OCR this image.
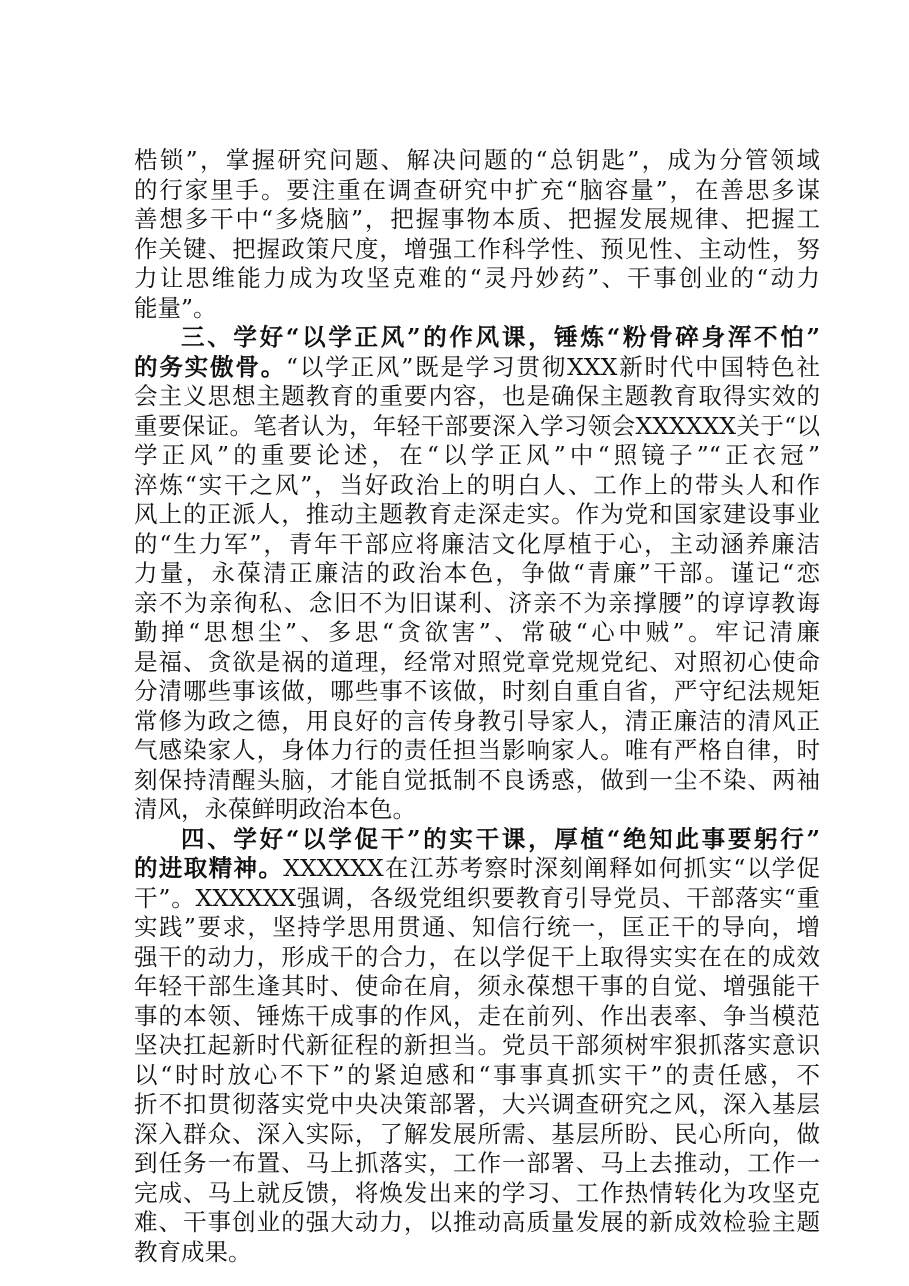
梏锁”，掌握研究问题、解决问题的“总钥匙”，成为分管领域
的行家里手。要注重在调查研究中扩充“脑容量”，在善思多谋
善想多干中“多烧脑”，把握事物本质、把握发展规律、把握工
作关键、把握政策尺度，增强工作科学性、预见性、主动性，努
力让思维能力成为攻坚克难的“灵丹妙药”、干事创业的“动力
能量”。
三、学好“以学正风”的作风课，锤炼“粉骨碎身浑不怕”
的务实傲骨。“以学正风”既是学习贯彻XXX新时代中国特色社
会主义思想主题教育的重要内容，也是确保主题教育取得实效的
重要保证。笔者认为，年轻干部要深入学习领会XXXXXX关于“以
学正风”的重要论述，在“以学正风”中“照镜子”“正衣冠”
淬炼“实干之风”，当好政治上的明白人、工作上的带头人和作
风上的正派人，推动主题教育走深走实。作为党和国家建设事业
的“生力军”，青年干部应将廉洁文化厚植于心，主动涵养廉洁
力量，永葆清正廉洁的政治本色，争做“青廉”干部。谨记“恋
亲不为亲徇私、念旧不为旧谋利、济亲不为亲撑腰”的谆谆教诲
勤掸“思想尘”、多思“贪欲害”、常破“心中贼”。牢记清廉
是福、贪欲是祸的道理，经常对照党章党规党纪、对照初心使命
分清哪些事该做，哪些事不该做，时刻自重自省，严守纪法规矩
常修为政之德，用良好的言传身教引导家人，清正廉洁的清风正
气感染家人，身体力行的责任担当影响家人。唯有严格自律，时
刻保持清醒头脑，才能自觉抵制不良诱惑，做到一尘不染、两袖
清风，永葆鲜明政治本色。
四、学好“以学促干”的实干课，厚植“绝知此事要躬行”
的进取精神。XXXXXX在江苏考察时深刻阐释如何抓实“以学促
干”。XXXXXX强调，各级党组织要教育引导党员、干部落实“重
实践”要求，坚持学思用贯通、知信行统一，匡正干的导向，增
强干的动力，形成干的合力，在以学促干上取得实实在在的成效
年轻干部生逢其时、使命在肩，须永葆想干事的自觉、增强能干
事的本领、锤炼干成事的作风，走在前列、作出表率、争当模范
坚决扛起新时代新征程的新担当。党员干部须树牢狠抓落实意识
以“时时放心不下”的紧迫感和“事事真抓实干”的责任感，不
折不扣贯彻落实党中央决策部署，大兴调查研究之风，深入基层
深入群众、深入实际，了解发展所需、基层所盼、民心所向，做
到任务一布置、马上抓落实，工作一部署、马上去推动，工作一
完成、马上就反馈，将焕发出来的学习、工作热情转化为攻坚克
难、干事创业的强大动力，以推动高质量发展的新成效检验主题
教育成果。
